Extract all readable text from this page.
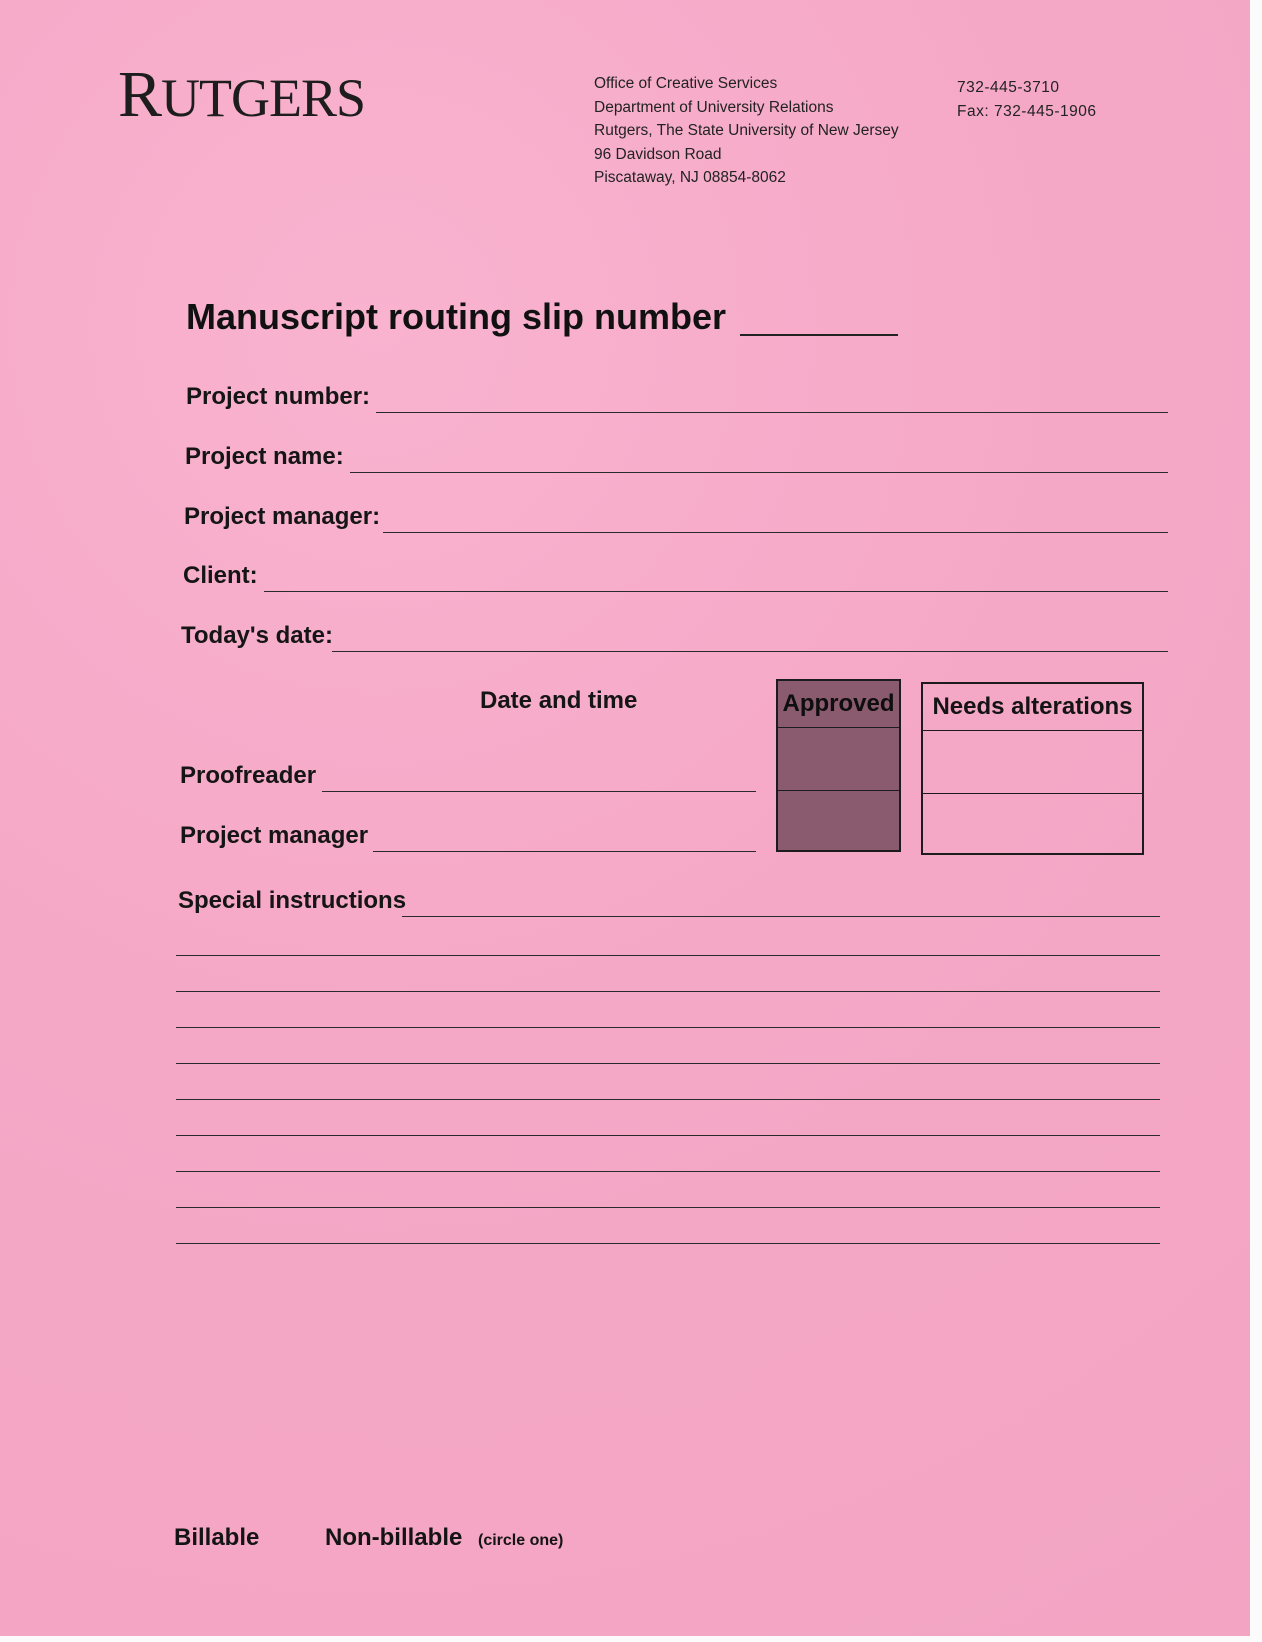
RUTGERS	Office of Creative Services
Department of University Relations
Rutgers, The State University of New Jersey
96 Davidson Road
Piscataway, NJ 08854-8062
732-445-3710
Fax: 732-445-1906
Manuscript routing slip number
Project number:
Project name:
Project manager:
Client:
Today's date:
Date and time
Proofreader
Project manager
Approved	Needs alterations
Special instructions
Billable	Non-billable (circle one)
